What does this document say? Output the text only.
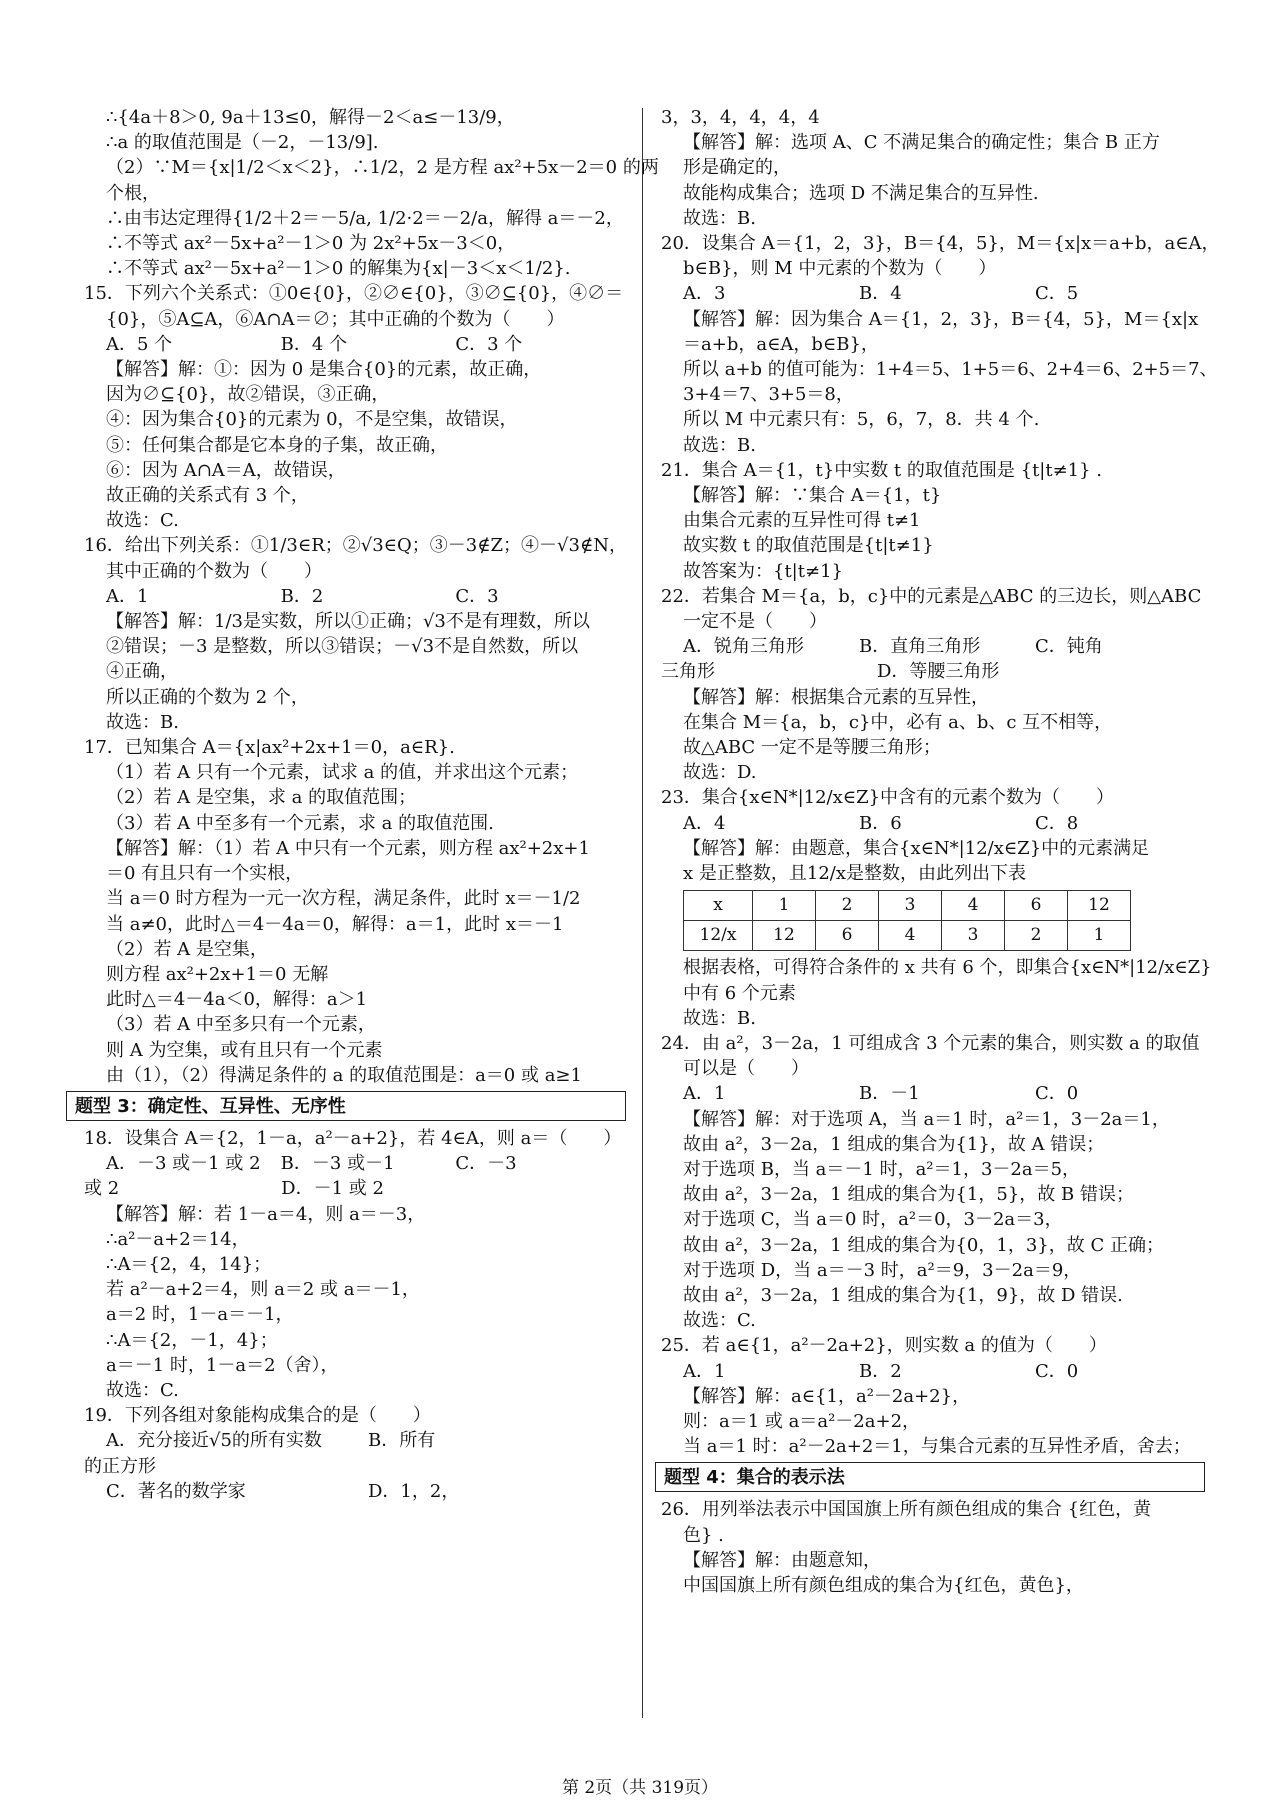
∴{4a＋8＞0, 9a＋13≤0，解得－2＜a≤－13/9，
∴a 的取值范围是（－2，－13/9].
（2）∵M＝{x|1/2＜x＜2}，∴1/2，2 是方程 ax²+5x－2＝0 的两
个根，
∴由韦达定理得{1/2＋2＝－5/a, 1/2·2＝－2/a，解得 a＝－2，
∴不等式 ax²－5x+a²－1＞0 为 2x²+5x－3＜0，
∴不等式 ax²－5x+a²－1＞0 的解集为{x|－3＜x＜1/2}.
15．下列六个关系式：①0∈{0}，②∅∈{0}，③∅⊆{0}，④∅＝
{0}，⑤A⊆A，⑥A∩A＝∅；其中正确的个数为（　　）
A．5 个	B．4 个	C．3 个
【解答】解：①：因为 0 是集合{0}的元素，故正确，
因为∅⊆{0}，故②错误，③正确，
④：因为集合{0}的元素为 0，不是空集，故错误，
⑤：任何集合都是它本身的子集，故正确，
⑥：因为 A∩A＝A，故错误，
故正确的关系式有 3 个，
故选：C.
16．给出下列关系：①1/3∈R；②√3∈Q；③－3∉Z；④－√3∉N，
其中正确的个数为（　　）
A．1	B．2	C．3
【解答】解：1/3是实数，所以①正确；√3不是有理数，所以
②错误；－3 是整数，所以③错误；－√3不是自然数，所以
④正确，
所以正确的个数为 2 个，
故选：B.
17．已知集合 A＝{x|ax²+2x+1＝0，a∈R}.
（1）若 A 只有一个元素，试求 a 的值，并求出这个元素；
（2）若 A 是空集，求 a 的取值范围；
（3）若 A 中至多有一个元素，求 a 的取值范围.
【解答】解：（1）若 A 中只有一个元素，则方程 ax²+2x+1
＝0 有且只有一个实根，
当 a＝0 时方程为一元一次方程，满足条件，此时 x＝－1/2
当 a≠0，此时△＝4－4a＝0，解得：a＝1，此时 x＝－1
（2）若 A 是空集，
则方程 ax²+2x+1＝0 无解
此时△＝4－4a＜0，解得：a＞1
（3）若 A 中至多只有一个元素，
则 A 为空集，或有且只有一个元素
由（1），（2）得满足条件的 a 的取值范围是：a＝0 或 a≥1
题型 3：确定性、互异性、无序性
18．设集合 A＝{2，1－a，a²－a+2}，若 4∈A，则 a＝（　　）
A．－3 或－1 或 2	B．－3 或－1	C．－3
或 2　　　　　　　　　D．－1 或 2
【解答】解：若 1－a＝4，则 a＝－3，
∴a²－a+2＝14，
∴A＝{2，4，14}；
若 a²－a+2＝4，则 a＝2 或 a＝－1，
a＝2 时，1－a＝－1，
∴A＝{2，－1，4}；
a＝－1 时，1－a＝2（舍），
故选：C.
19．下列各组对象能构成集合的是（　　）
A．充分接近√5的所有实数	B．所有
的正方形
C．著名的数学家	D．1，2，
3，3，4，4，4，4
【解答】解：选项 A、C 不满足集合的确定性；集合 B 正方
形是确定的，
故能构成集合；选项 D 不满足集合的互异性.
故选：B.
20．设集合 A＝{1，2，3}，B＝{4，5}，M＝{x|x＝a+b，a∈A，
b∈B}，则 M 中元素的个数为（　　）
A．3	B．4	C．5
【解答】解：因为集合 A＝{1，2，3}，B＝{4，5}，M＝{x|x
＝a+b，a∈A，b∈B}，
所以 a+b 的值可能为：1+4＝5、1+5＝6、2+4＝6、2+5＝7、
3+4＝7、3+5＝8，
所以 M 中元素只有：5，6，7，8．共 4 个.
故选：B.
21．集合 A＝{1，t}中实数 t 的取值范围是 {t|t≠1} .
【解答】解：∵集合 A＝{1，t}
由集合元素的互异性可得 t≠1
故实数 t 的取值范围是{t|t≠1}
故答案为：{t|t≠1}
22．若集合 M＝{a，b，c}中的元素是△ABC 的三边长，则△ABC
一定不是（　　）
A．锐角三角形	B．直角三角形	C．钝角
三角形　　　　　　　　　D．等腰三角形
【解答】解：根据集合元素的互异性，
在集合 M＝{a，b，c}中，必有 a、b、c 互不相等，
故△ABC 一定不是等腰三角形；
故选：D.
23．集合{x∈N*|12/x∈Z}中含有的元素个数为（　　）
A．4	B．6	C．8
【解答】解：由题意，集合{x∈N*|12/x∈Z}中的元素满足
x 是正整数，且12/x是整数，由此列出下表
x	1	2	3	4	6	12
12/x	12	6	4	3	2	1
根据表格，可得符合条件的 x 共有 6 个，即集合{x∈N*|12/x∈Z}
中有 6 个元素
故选：B.
24．由 a²，3－2a，1 可组成含 3 个元素的集合，则实数 a 的取值
可以是（　　）
A．1	B．－1	C．0
【解答】解：对于选项 A，当 a＝1 时，a²＝1，3－2a＝1，
故由 a²，3－2a，1 组成的集合为{1}，故 A 错误；
对于选项 B，当 a＝－1 时，a²＝1，3－2a＝5，
故由 a²，3－2a，1 组成的集合为{1，5}，故 B 错误；
对于选项 C，当 a＝0 时，a²＝0，3－2a＝3，
故由 a²，3－2a，1 组成的集合为{0，1，3}，故 C 正确；
对于选项 D，当 a＝－3 时，a²＝9，3－2a＝9，
故由 a²，3－2a，1 组成的集合为{1，9}，故 D 错误.
故选：C.
25．若 a∈{1，a²－2a+2}，则实数 a 的值为（　　）
A．1	B．2	C．0
【解答】解：a∈{1，a²－2a+2}，
则：a＝1 或 a＝a²－2a+2，
当 a＝1 时：a²－2a+2＝1，与集合元素的互异性矛盾，舍去；
题型 4：集合的表示法
26．用列举法表示中国国旗上所有颜色组成的集合 {红色，黄
色} .
【解答】解：由题意知，
中国国旗上所有颜色组成的集合为{红色，黄色}，
第 2页（共 319页）
